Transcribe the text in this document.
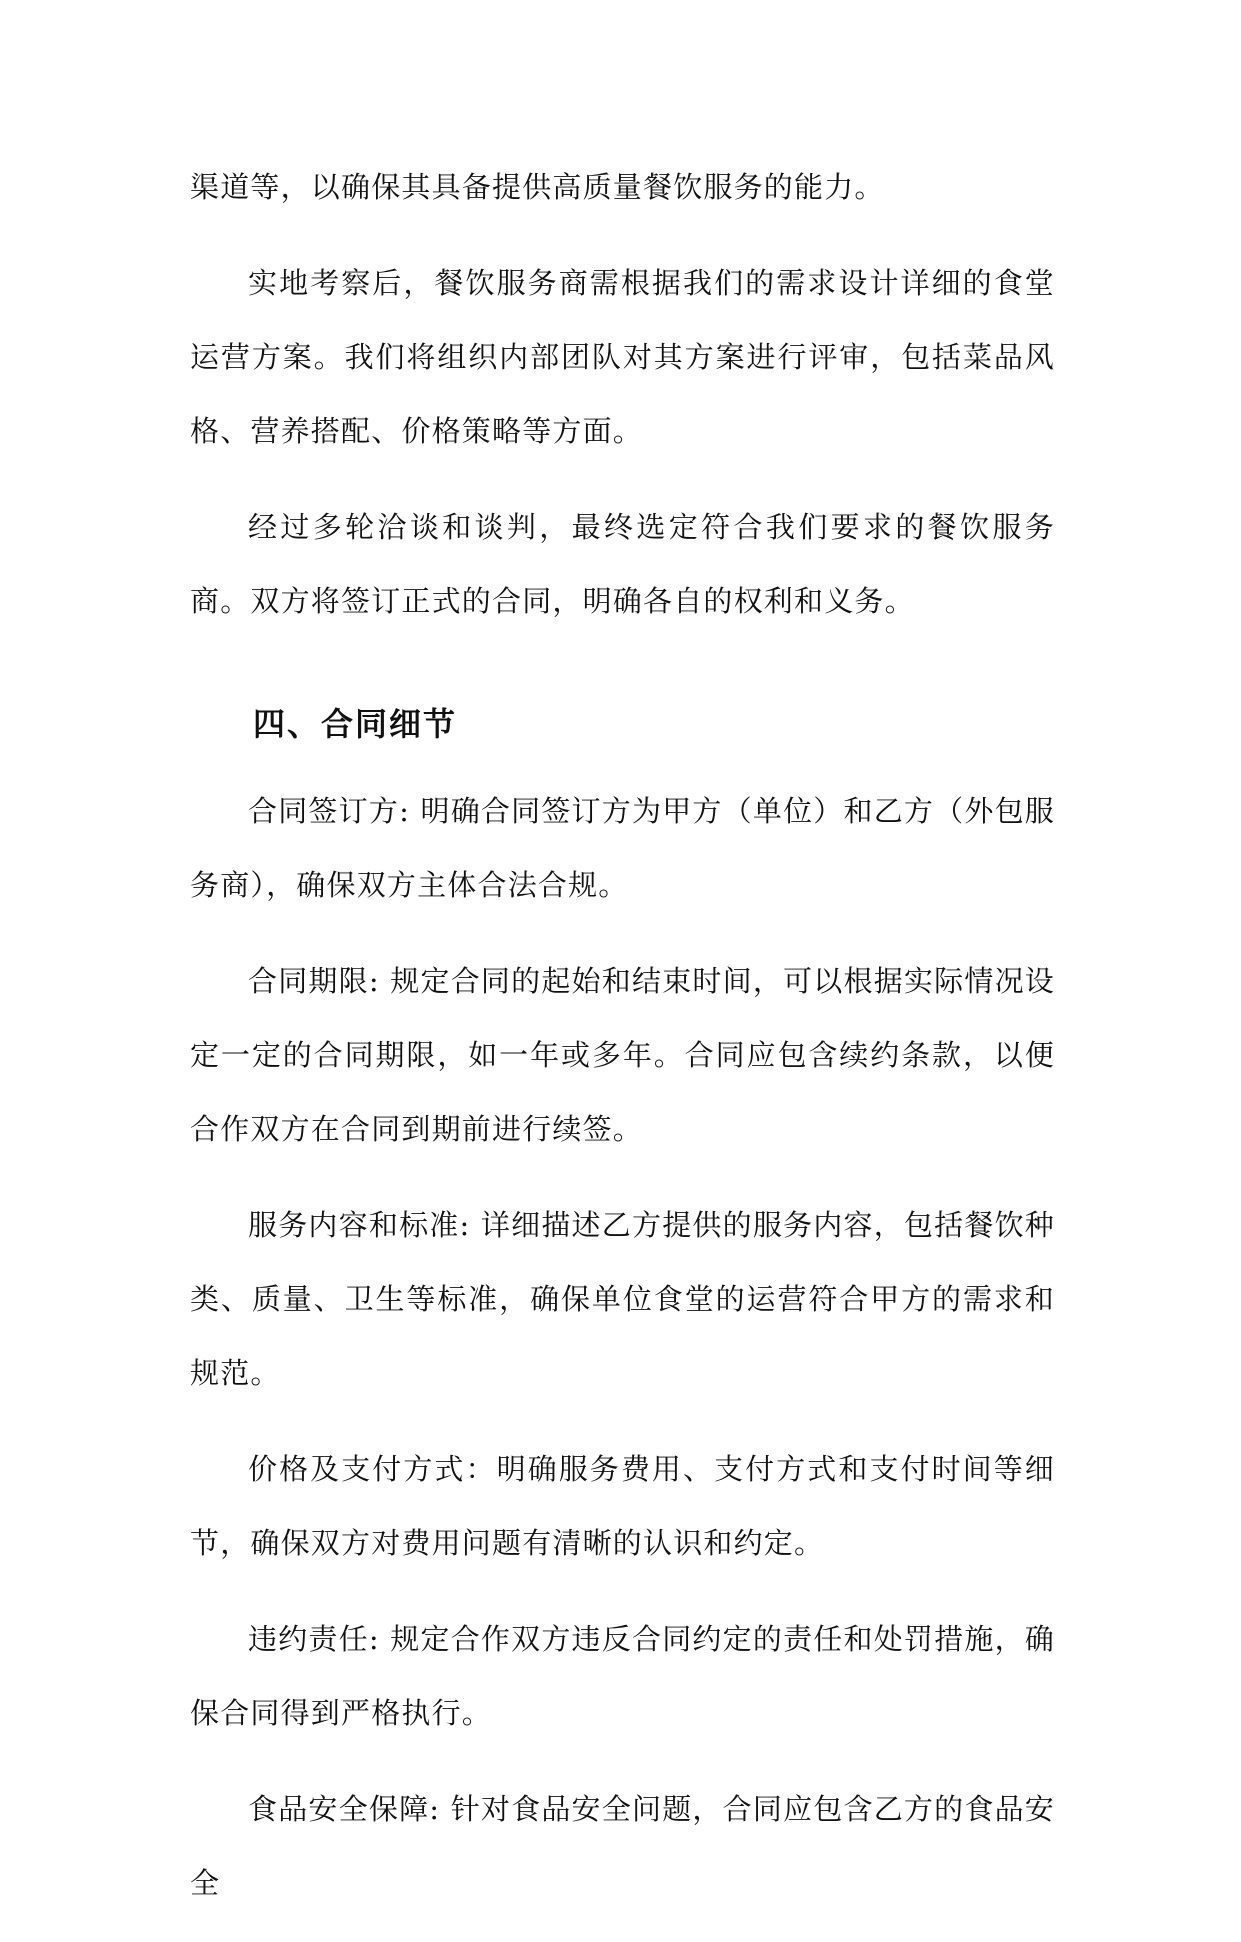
渠道等，以确保其具备提供高质量餐饮服务的能力。

实地考察后，餐饮服务商需根据我们的需求设计详细的食堂运营方案。我们将组织内部团队对其方案进行评审，包括菜品风格、营养搭配、价格策略等方面。

经过多轮洽谈和谈判，最终选定符合我们要求的餐饮服务商。双方将签订正式的合同，明确各自的权利和义务。

四、合同细节

合同签订方: 明确合同签订方为甲方（单位）和乙方（外包服务商），确保双方主体合法合规。

合同期限: 规定合同的起始和结束时间，可以根据实际情况设定一定的合同期限，如一年或多年。合同应包含续约条款，以便合作双方在合同到期前进行续签。

服务内容和标准: 详细描述乙方提供的服务内容，包括餐饮种类、质量、卫生等标准，确保单位食堂的运营符合甲方的需求和规范。

价格及支付方式：明确服务费用、支付方式和支付时间等细节，确保双方对费用问题有清晰的认识和约定。

违约责任: 规定合作双方违反合同约定的责任和处罚措施，确保合同得到严格执行。

食品安全保障: 针对食品安全问题，合同应包含乙方的食品安全
